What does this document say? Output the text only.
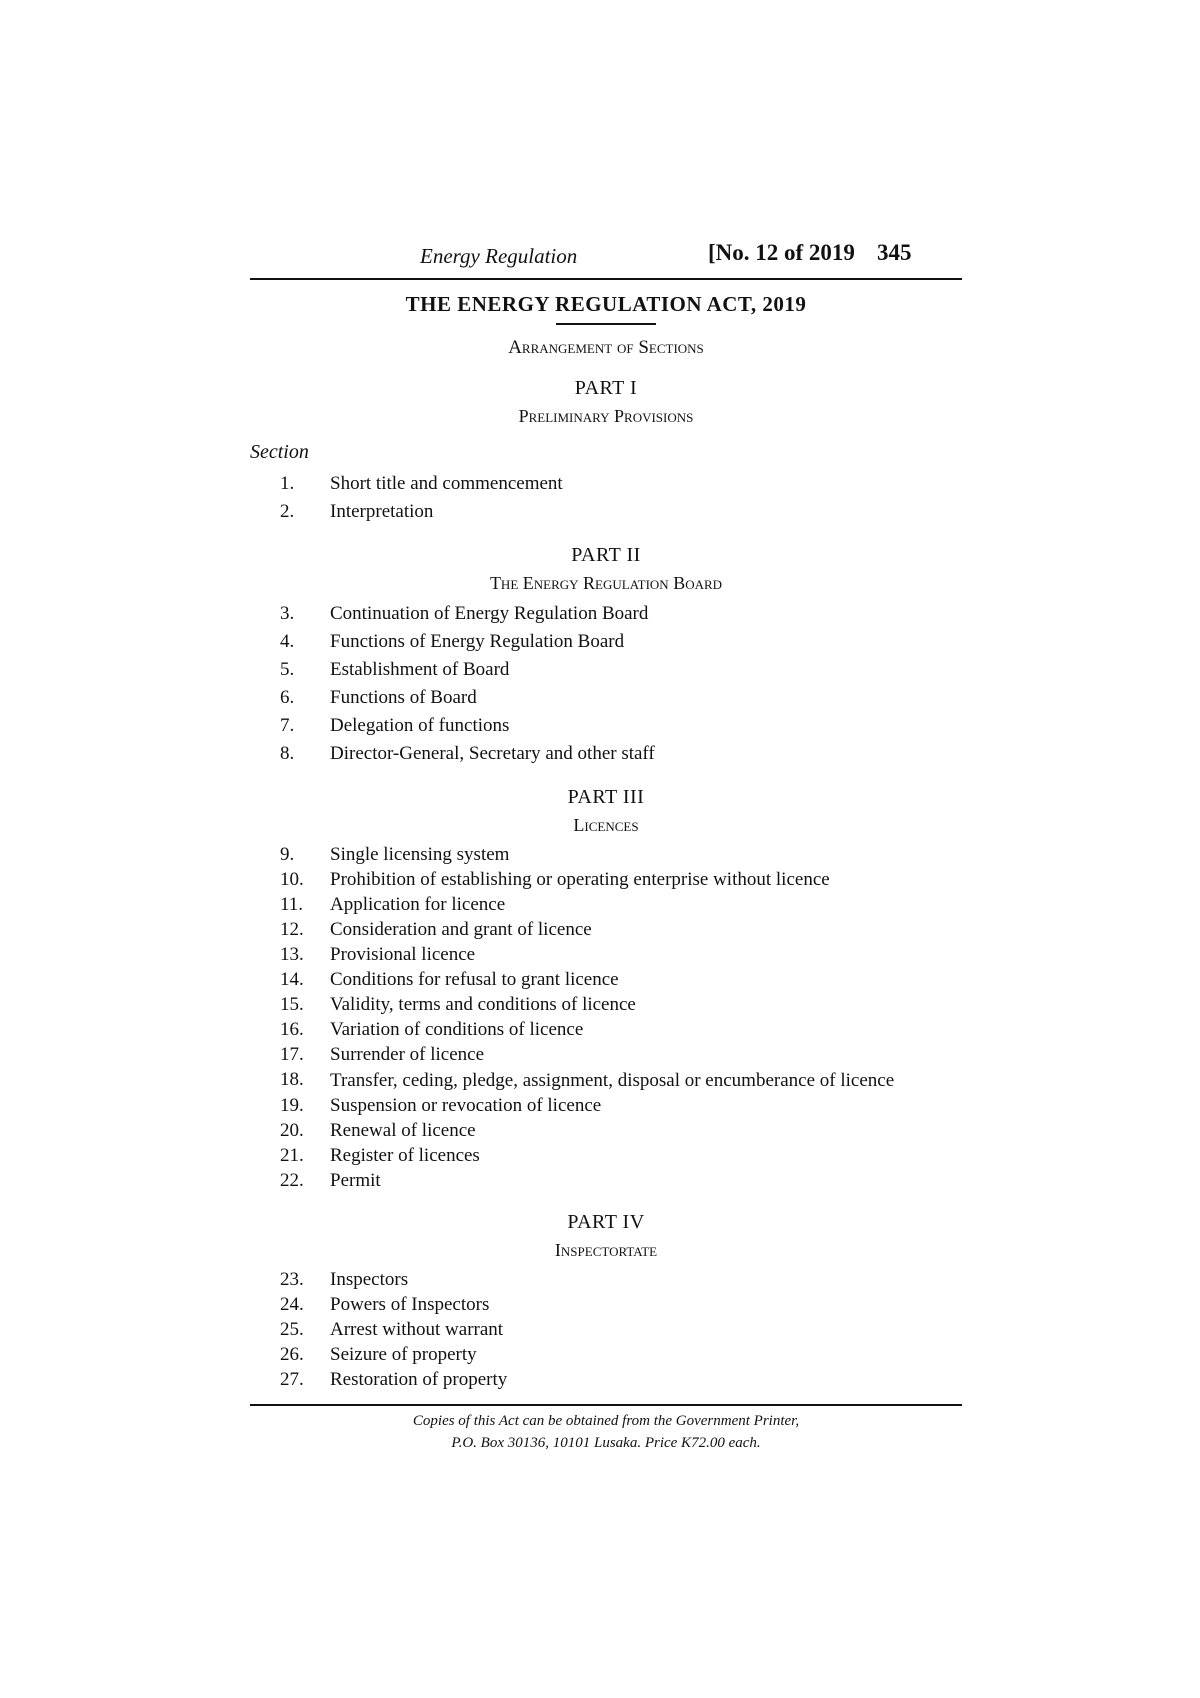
Energy Regulation	[No. 12 of 2019 345
THE ENERGY REGULATION ACT, 2019
Arrangement of Sections
PART I
Preliminary Provisions
Section
1.	Short title and commencement
2.	Interpretation
PART II
The Energy Regulation Board
3.	Continuation of Energy Regulation Board
4.	Functions of Energy Regulation Board
5.	Establishment of Board
6.	Functions of Board
7.	Delegation of functions
8.	Director-General, Secretary and other staff
PART III
Licences
9.	Single licensing system
10.	Prohibition of establishing or operating enterprise without licence
11.	Application for licence
12.	Consideration and grant of licence
13.	Provisional licence
14.	Conditions for refusal to grant licence
15.	Validity, terms and conditions of licence
16.	Variation of conditions of licence
17.	Surrender of licence
18.	Transfer, ceding, pledge, assignment, disposal or encumberance of licence
19.	Suspension or revocation of licence
20.	Renewal of licence
21.	Register of licences
22.	Permit
PART IV
Inspectortate
23.	Inspectors
24.	Powers of Inspectors
25.	Arrest without warrant
26.	Seizure of property
27.	Restoration of property
Copies of this Act can be obtained from the Government Printer,
P.O. Box 30136, 10101 Lusaka. Price K72.00 each.
